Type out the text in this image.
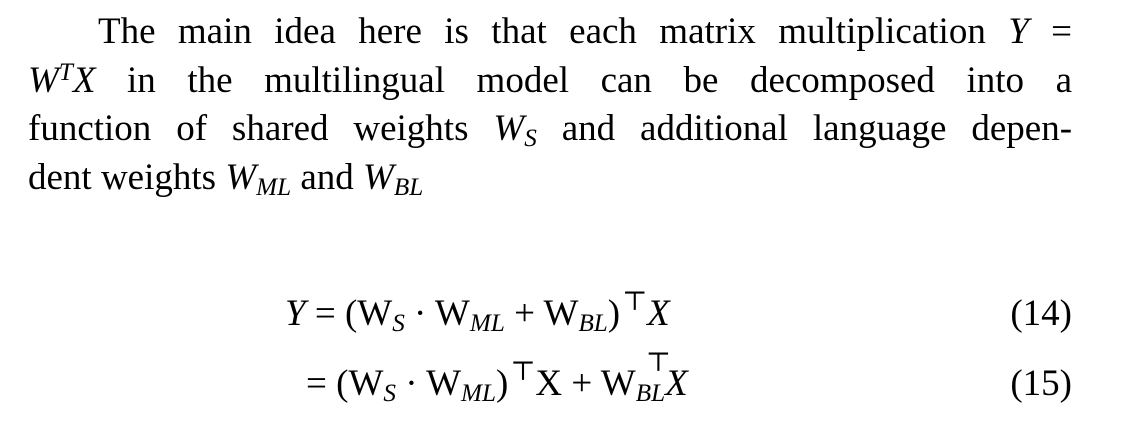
The main idea here is that each matrix multiplication Y =
$W^TX$ in the multilingual model can be decomposed into a
function of shared weights $W_S$ and additional language depen-
dent weights $W_{ML}$ and $W_{BL}$
$Y = (W_S \cdot W_{ML} + W_{BL})^⊤X$	(14)
= $(W_S \cdot W_{ML})^⊤X + W_{BL}$
⊤
X	(15)
